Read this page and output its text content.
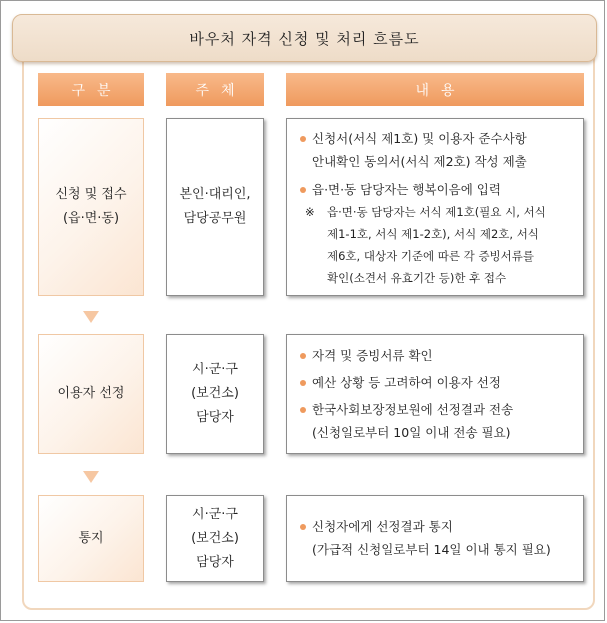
바우처 자격 신청 및 처리 흐름도
구분	주체	내용
신청 및 접수
(읍·면·동)
본인·대리인,
담당공무원
신청서(서식 제1호) 및 이용자 준수사항
안내확인 동의서(서식 제2호) 작성 제출
읍·면·동 담당자는 행복이음에 입력
※ 읍·면·동 담당자는 서식 제1호(필요 시, 서식
제1-1호, 서식 제1-2호), 서식 제2호, 서식
제6호, 대상자 기준에 따른 각 증빙서류를
확인(소견서 유효기간 등)한 후 접수
이용자 선정
시·군·구
(보건소)
담당자
자격 및 증빙서류 확인
예산 상황 등 고려하여 이용자 선정
한국사회보장정보원에 선정결과 전송
(신청일로부터 10일 이내 전송 필요)
통지
시·군·구
(보건소)
담당자
신청자에게 선정결과 통지
(가급적 신청일로부터 14일 이내 통지 필요)
